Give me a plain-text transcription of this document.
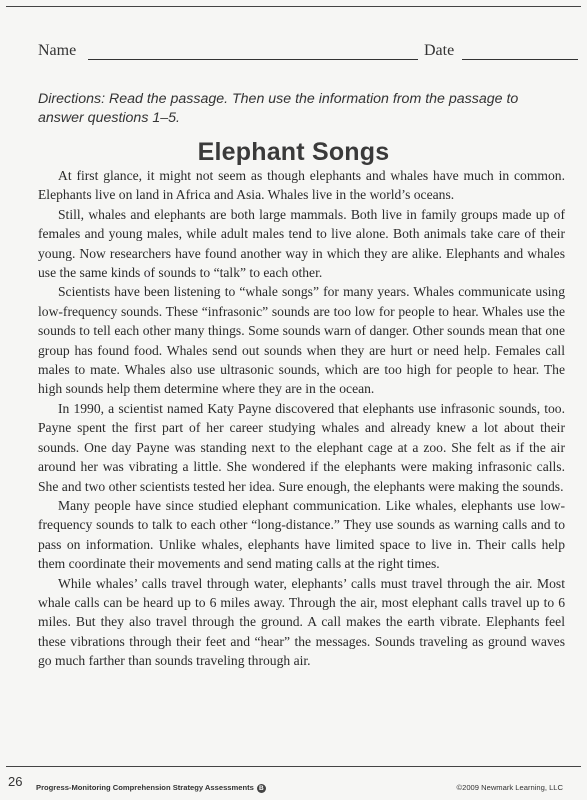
Name	Date
Directions: Read the passage. Then use the information from the passage to answer questions 1–5.
Elephant Songs

At first glance, it might not seem as though elephants and whales have much in common. Elephants live on land in Africa and Asia. Whales live in the world’s oceans.

Still, whales and elephants are both large mammals. Both live in family groups made up of females and young males, while adult males tend to live alone. Both animals take care of their young. Now researchers have found another way in which they are alike. Elephants and whales use the same kinds of sounds to “talk” to each other.

Scientists have been listening to “whale songs” for many years. Whales communicate using low-frequency sounds. These “infrasonic” sounds are too low for people to hear. Whales use the sounds to tell each other many things. Some sounds warn of danger. Other sounds mean that one group has found food. Whales send out sounds when they are hurt or need help. Females call males to mate. Whales also use ultrasonic sounds, which are too high for people to hear. The high sounds help them determine where they are in the ocean.

In 1990, a scientist named Katy Payne discovered that elephants use infrasonic sounds, too. Payne spent the first part of her career studying whales and already knew a lot about their sounds. One day Payne was standing next to the elephant cage at a zoo. She felt as if the air around her was vibrating a little. She wondered if the elephants were making infrasonic calls. She and two other scientists tested her idea. Sure enough, the elephants were making the sounds.

Many people have since studied elephant communication. Like whales, elephants use low-frequency sounds to talk to each other “long-distance.” They use sounds as warning calls and to pass on information. Unlike whales, elephants have limited space to live in. Their calls help them coordinate their movements and send mating calls at the right times.

While whales’ calls travel through water, elephants’ calls must travel through the air. Most whale calls can be heard up to 6 miles away. Through the air, most elephant calls travel up to 6 miles. But they also travel through the ground. A call makes the earth vibrate. Elephants feel these vibrations through their feet and “hear” the messages. Sounds traveling as ground waves go much farther than sounds traveling through air.

26 Progress-Monitoring Comprehension Strategy Assessments B	©2009 Newmark Learning, LLC
